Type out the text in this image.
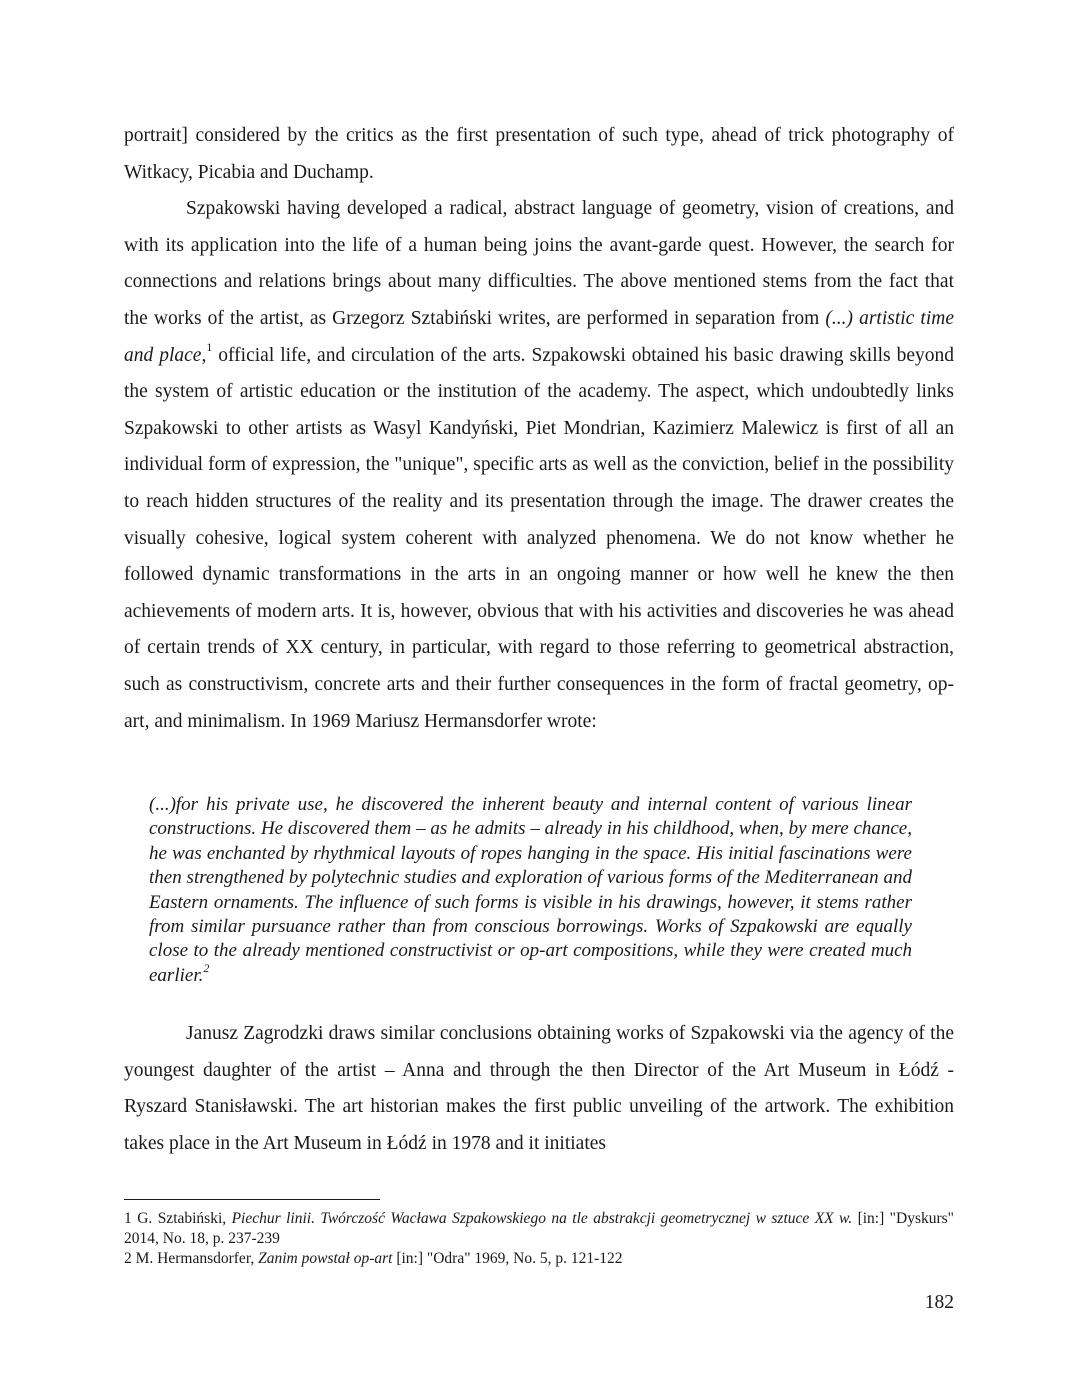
portrait] considered by the critics as the first presentation of such type, ahead of trick photography of Witkacy, Picabia and Duchamp.

Szpakowski having developed a radical, abstract language of geometry, vision of creations, and with its application into the life of a human being joins the avant-garde quest. However, the search for connections and relations brings about many difficulties. The above mentioned stems from the fact that the works of the artist, as Grzegorz Sztabiński writes, are performed in separation from (...) artistic time and place,$^1$ official life, and circulation of the arts. Szpakowski obtained his basic drawing skills beyond the system of artistic education or the institution of the academy. The aspect, which undoubtedly links Szpakowski to other artists as Wasyl Kandyński, Piet Mondrian, Kazimierz Malewicz is first of all an individual form of expression, the "unique", specific arts as well as the conviction, belief in the possibility to reach hidden structures of the reality and its presentation through the image. The drawer creates the visually cohesive, logical system coherent with analyzed phenomena. We do not know whether he followed dynamic transformations in the arts in an ongoing manner or how well he knew the then achievements of modern arts. It is, however, obvious that with his activities and discoveries he was ahead of certain trends of XX century, in particular, with regard to those referring to geometrical abstraction, such as constructivism, concrete arts and their further consequences in the form of fractal geometry, op-art, and minimalism. In 1969 Mariusz Hermansdorfer wrote:

(...)for his private use, he discovered the inherent beauty and internal content of various linear constructions. He discovered them – as he admits – already in his childhood, when, by mere chance, he was enchanted by rhythmical layouts of ropes hanging in the space. His initial fascinations were then strengthened by polytechnic studies and exploration of various forms of the Mediterranean and Eastern ornaments. The influence of such forms is visible in his drawings, however, it stems rather from similar pursuance rather than from conscious borrowings. Works of Szpakowski are equally close to the already mentioned constructivist or op-art compositions, while they were created much earlier.$^2$

Janusz Zagrodzki draws similar conclusions obtaining works of Szpakowski via the agency of the youngest daughter of the artist – Anna and through the then Director of the Art Museum in Łódź - Ryszard Stanisławski. The art historian makes the first public unveiling of the artwork. The exhibition takes place in the Art Museum in Łódź in 1978 and it initiates

1 G. Sztabiński, Piechur linii. Twórczość Wacława Szpakowskiego na tle abstrakcji geometrycznej w sztuce XX w. [in:] "Dyskurs" 2014, No. 18, p. 237-239

2 M. Hermansdorfer, Zanim powstał op-art [in:] "Odra" 1969, No. 5, p. 121-122

182
